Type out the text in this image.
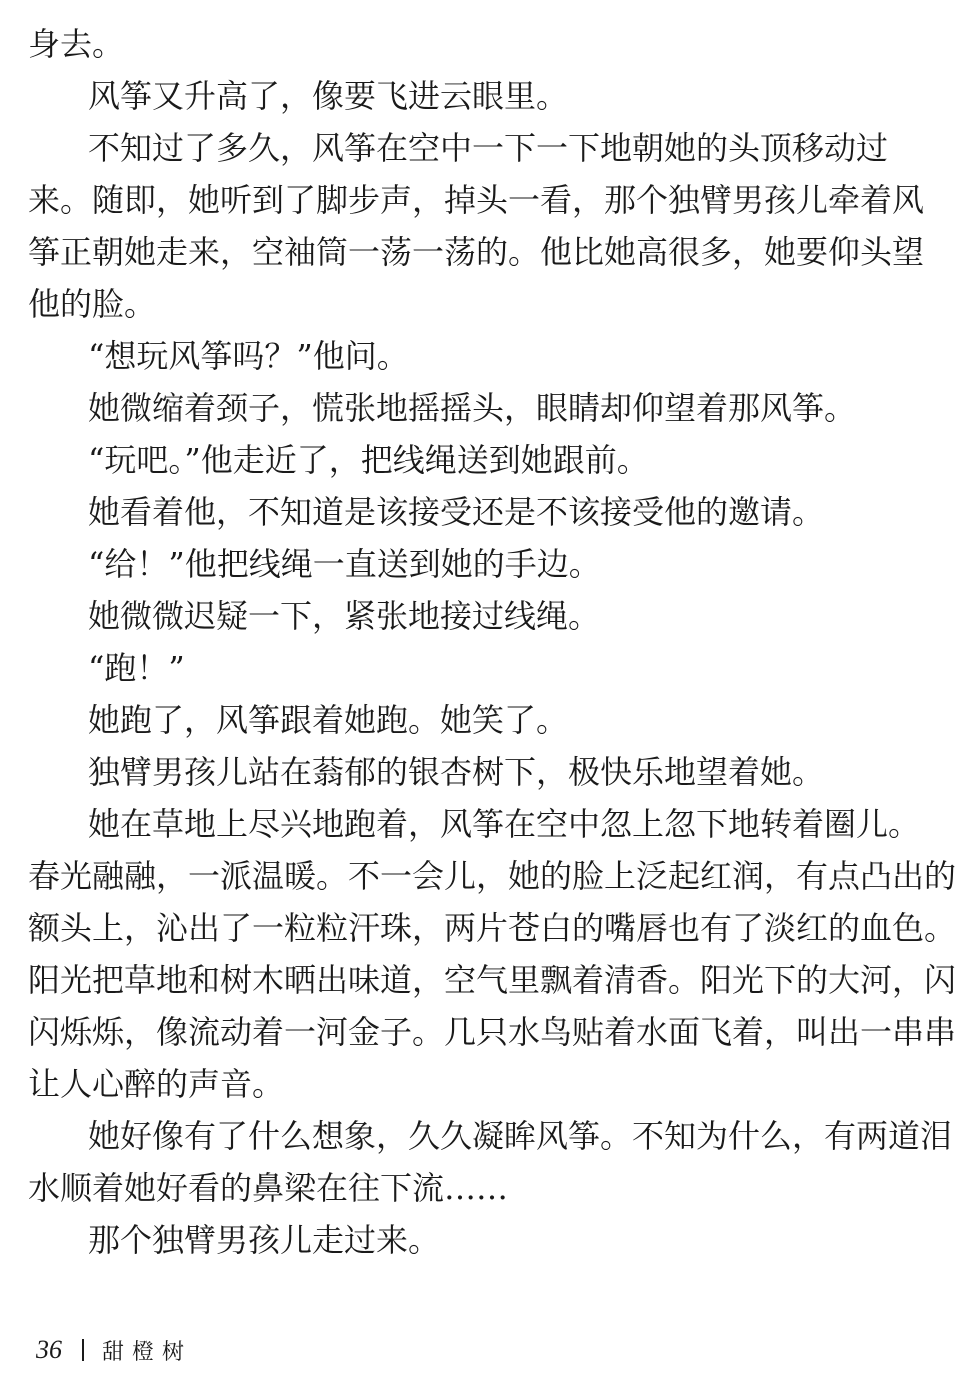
身去。
风筝又升高了，像要飞进云眼里。
不知过了多久，风筝在空中一下一下地朝她的头顶移动过
来。随即，她听到了脚步声，掉头一看，那个独臂男孩儿牵着风
筝正朝她走来，空袖筒一荡一荡的。他比她高很多，她要仰头望
他的脸。
“想玩风筝吗？”他问。
她微缩着颈子，慌张地摇摇头，眼睛却仰望着那风筝。
“玩吧。”他走近了，把线绳送到她跟前。
她看着他，不知道是该接受还是不该接受他的邀请。
“给！”他把线绳一直送到她的手边。
她微微迟疑一下，紧张地接过线绳。
“跑！”
她跑了，风筝跟着她跑。她笑了。
独臂男孩儿站在蓊郁的银杏树下，极快乐地望着她。
她在草地上尽兴地跑着，风筝在空中忽上忽下地转着圈儿。
春光融融，一派温暖。不一会儿，她的脸上泛起红润，有点凸出的
额头上，沁出了一粒粒汗珠，两片苍白的嘴唇也有了淡红的血色。
阳光把草地和树木晒出味道，空气里飘着清香。阳光下的大河，闪
闪烁烁，像流动着一河金子。几只水鸟贴着水面飞着，叫出一串串
让人心醉的声音。
她好像有了什么想象，久久凝眸风筝。不知为什么，有两道泪
水顺着她好看的鼻梁在往下流……
那个独臂男孩儿走过来。
36 甜橙树
